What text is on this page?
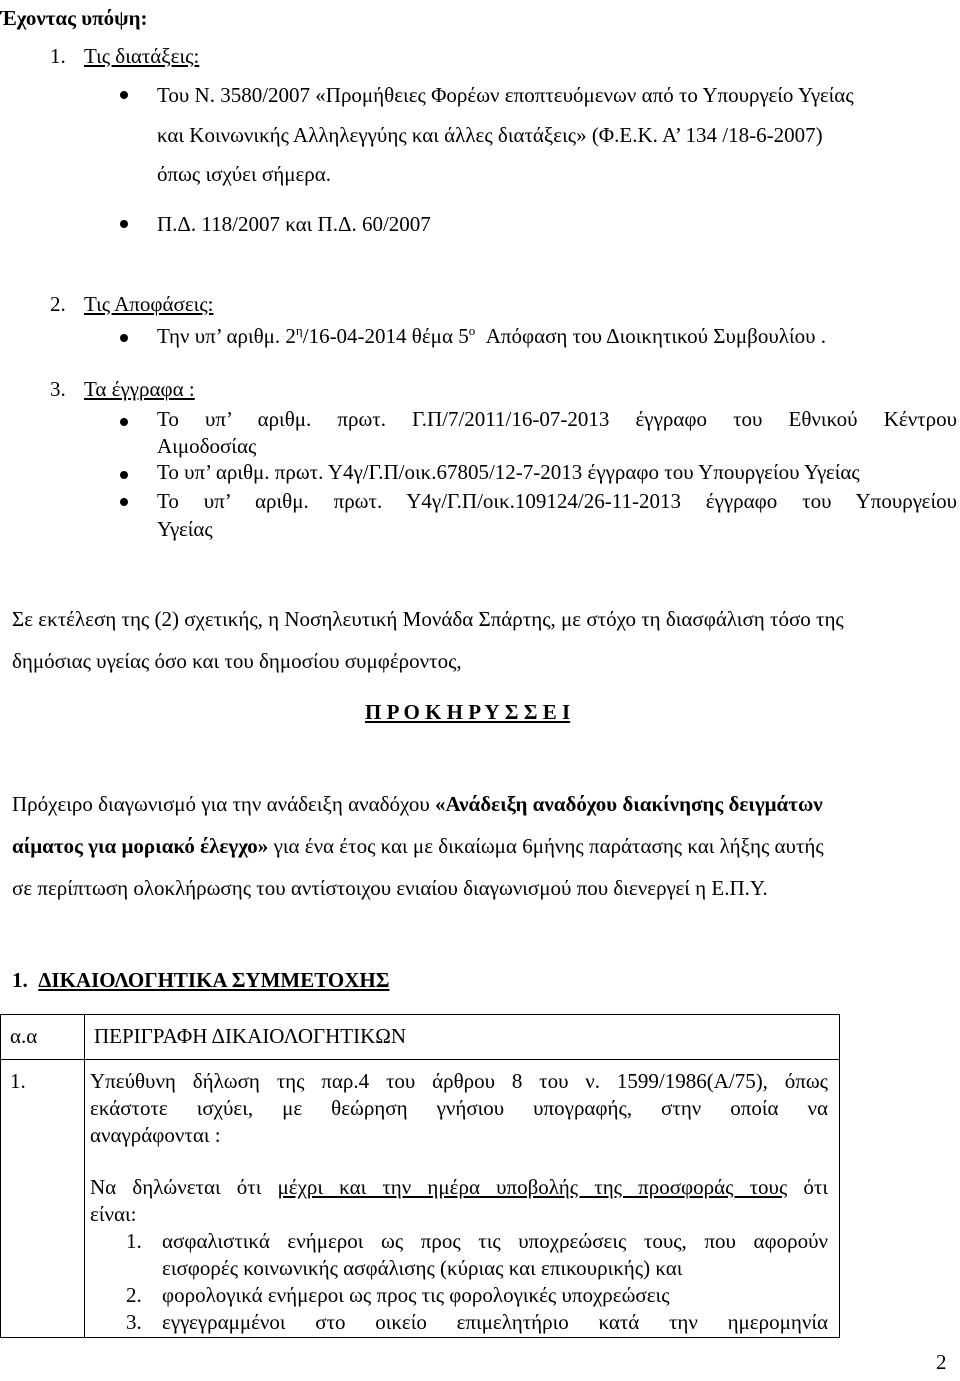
Έχοντας υπόψη:
1. Τις διατάξεις:
Του Ν. 3580/2007 «Προμήθειες Φορέων εποπτευόμενων από το Υπουργείο Υγείας
και Κοινωνικής Αλληλεγγύης και άλλες διατάξεις» (Φ.Ε.Κ. Α’ 134 /18-6-2007)
όπως ισχύει σήμερα.
Π.Δ. 118/2007 και Π.Δ. 60/2007
2. Τις Αποφάσεις:
Την υπ’ αριθμ. $2^\eta/16-04-2014$ θέμα $5^o$ Απόφαση του Διοικητικού Συμβουλίου .
3. Τα έγγραφα :
Το υπ’ αριθμ. πρωτ. Γ.Π/7/2011/16-07-2013 έγγραφο του Εθνικού Κέντρου
Αιμοδοσίας
Το υπ’ αριθμ. πρωτ. Υ4γ/Γ.Π/οικ.67805/12-7-2013 έγγραφο του Υπουργείου Υγείας
Το υπ’ αριθμ. πρωτ. Υ4γ/Γ.Π/οικ.109124/26-11-2013 έγγραφο του Υπουργείου
Υγείας
Σε εκτέλεση της (2) σχετικής, η Νοσηλευτική Μονάδα Σπάρτης, με στόχο τη διασφάλιση τόσο της
δημόσιας υγείας όσο και του δημοσίου συμφέροντος,
Π Ρ Ο Κ Η Ρ Υ Σ Σ Ε Ι
Πρόχειρο διαγωνισμό για την ανάδειξη αναδόχου «Ανάδειξη αναδόχου διακίνησης δειγμάτων
αίματος για μοριακό έλεγχο» για ένα έτος και με δικαίωμα 6μήνης παράτασης και λήξης αυτής
σε περίπτωση ολοκλήρωσης του αντίστοιχου ενιαίου διαγωνισμού που διενεργεί η Ε.Π.Υ.
1. ΔΙΚΑΙΟΛΟΓΗΤΙΚΑ ΣΥΜΜΕΤΟΧΗΣ
α.α	ΠΕΡΙΓΡΑΦΗ ΔΙΚΑΙΟΛΟΓΗΤΙΚΩΝ
1.	Υπεύθυνη δήλωση της παρ.4 του άρθρου 8 του ν. 1599/1986(Α/75), όπως
εκάστοτε ισχύει, με θεώρηση γνήσιου υπογραφής, στην οποία να
αναγράφονται :
Να δηλώνεται ότι μέχρι και την ημέρα υποβολής της προσφοράς τους ότι
είναι:
1. ασφαλιστικά ενήμεροι ως προς τις υποχρεώσεις τους, που αφορούν
εισφορές κοινωνικής ασφάλισης (κύριας και επικουρικής) και
2. φορολογικά ενήμεροι ως προς τις φορολογικές υποχρεώσεις
3. εγγεγραμμένοι στο οικείο επιμελητήριο κατά την ημερομηνία
2
